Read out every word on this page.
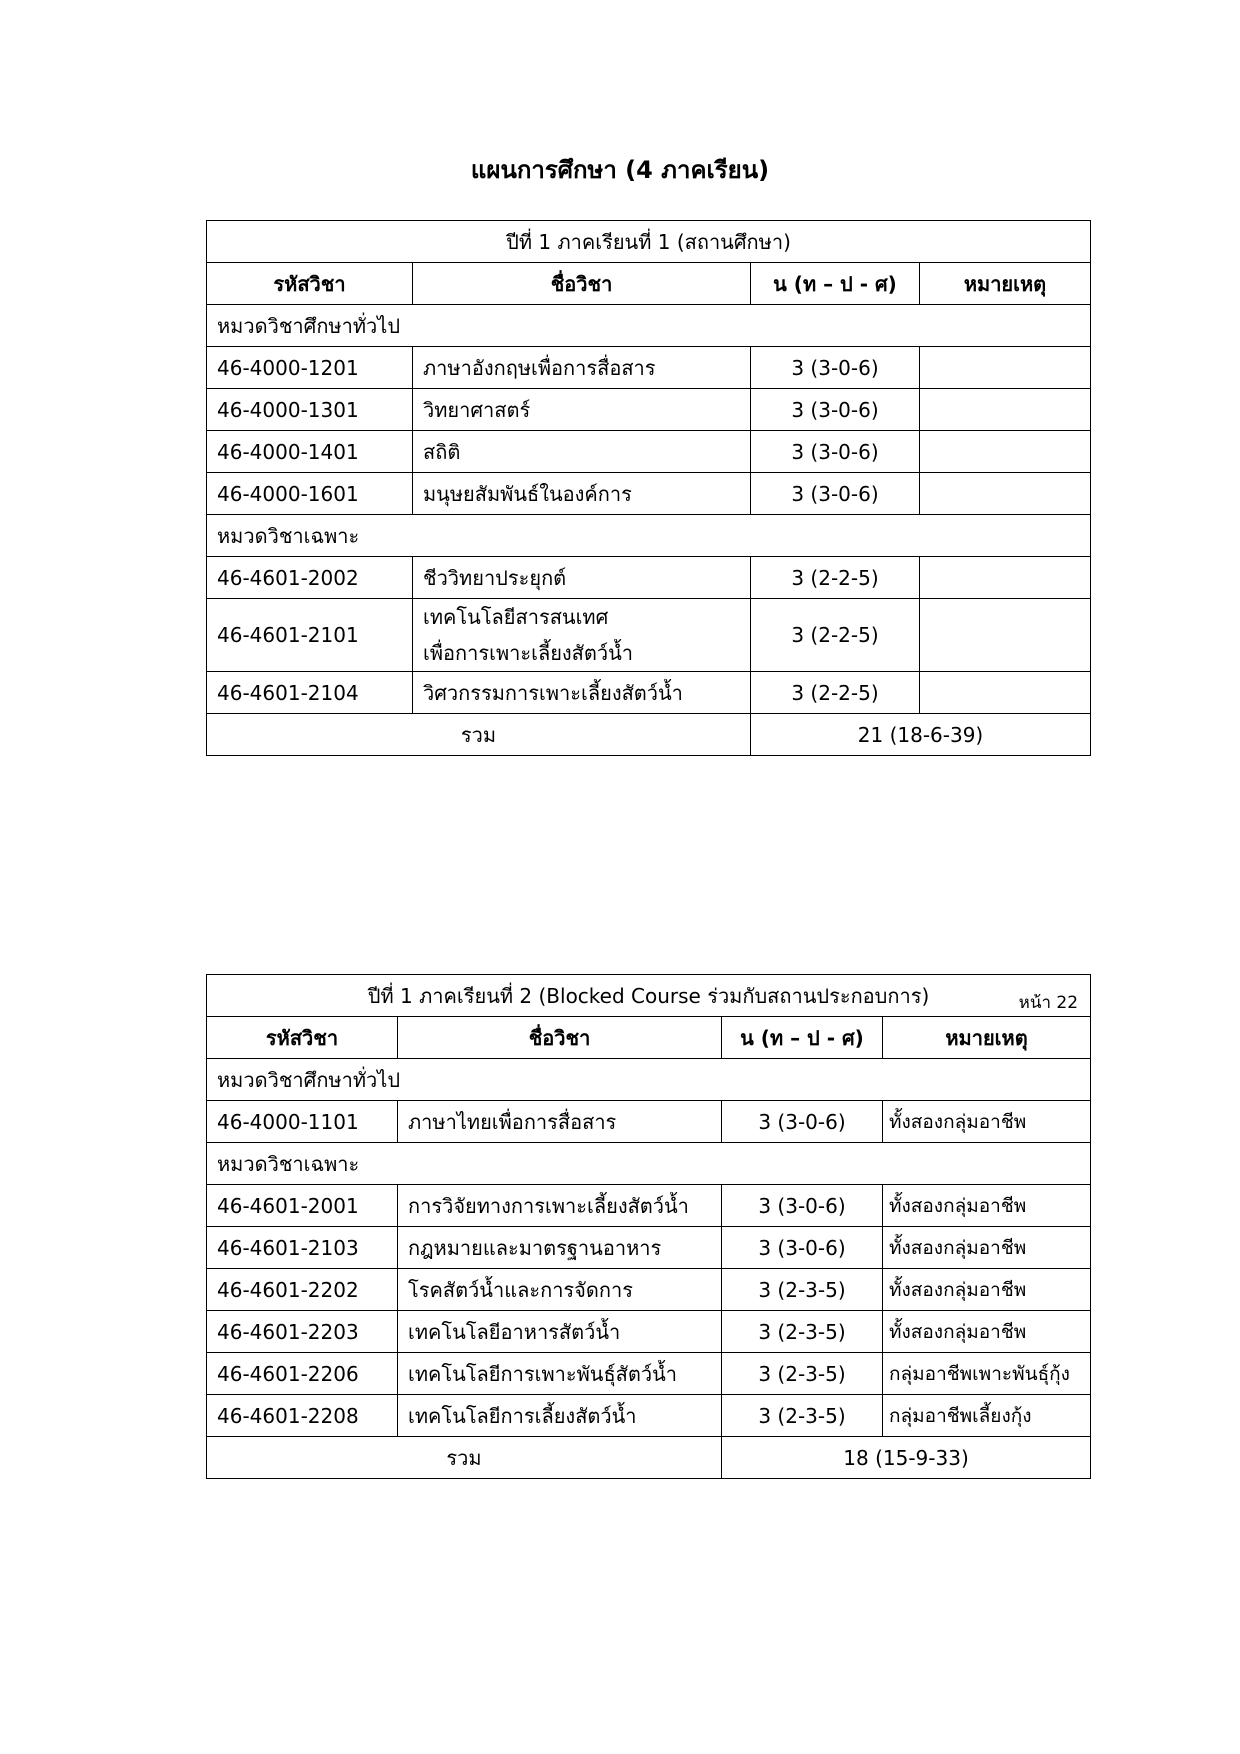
แผนการศึกษา (4 ภาคเรียน)
ปีที่ 1 ภาคเรียนที่ 1 (สถานศึกษา)			
รหัสวิชา	ชื่อวิชา	น (ท – ป - ศ)	หมายเหตุ
หมวดวิชาศึกษาทั่วไป			
46-4000-1201	ภาษาอังกฤษเพื่อการสื่อสาร	3 (3-0-6)	
46-4000-1301	วิทยาศาสตร์	3 (3-0-6)	
46-4000-1401	สถิติ	3 (3-0-6)	
46-4000-1601	มนุษยสัมพันธ์ในองค์การ	3 (3-0-6)	
หมวดวิชาเฉพาะ			
46-4601-2002	ชีววิทยาประยุกต์	3 (2-2-5)	
46-4601-2101	เทคโนโลยีสารสนเทศ
เพื่อการเพาะเลี้ยงสัตว์น้ำ	3 (2-2-5)	
46-4601-2104	วิศวกรรมการเพาะเลี้ยงสัตว์น้ำ	3 (2-2-5)	
รวม		21 (18-6-39)	
ปีที่ 1 ภาคเรียนที่ 2 (Blocked Course ร่วมกับสถานประกอบการ) หน้า 22			

รหัสวิชา	ชื่อวิชา	น (ท – ป - ศ)	หมายเหตุ
หมวดวิชาศึกษาทั่วไป			
46-4000-1101	ภาษาไทยเพื่อการสื่อสาร	3 (3-0-6)	ทั้งสองกลุ่มอาชีพ
หมวดวิชาเฉพาะ			
46-4601-2001	การวิจัยทางการเพาะเลี้ยงสัตว์น้ำ	3 (3-0-6)	ทั้งสองกลุ่มอาชีพ
46-4601-2103	กฎหมายและมาตรฐานอาหาร	3 (3-0-6)	ทั้งสองกลุ่มอาชีพ
46-4601-2202	โรคสัตว์น้ำและการจัดการ	3 (2-3-5)	ทั้งสองกลุ่มอาชีพ
46-4601-2203	เทคโนโลยีอาหารสัตว์น้ำ	3 (2-3-5)	ทั้งสองกลุ่มอาชีพ
46-4601-2206	เทคโนโลยีการเพาะพันธุ์สัตว์น้ำ	3 (2-3-5)	กลุ่มอาชีพเพาะพันธุ์กุ้ง
46-4601-2208	เทคโนโลยีการเลี้ยงสัตว์น้ำ	3 (2-3-5)	กลุ่มอาชีพเลี้ยงกุ้ง
รวม		18 (15-9-33)	
